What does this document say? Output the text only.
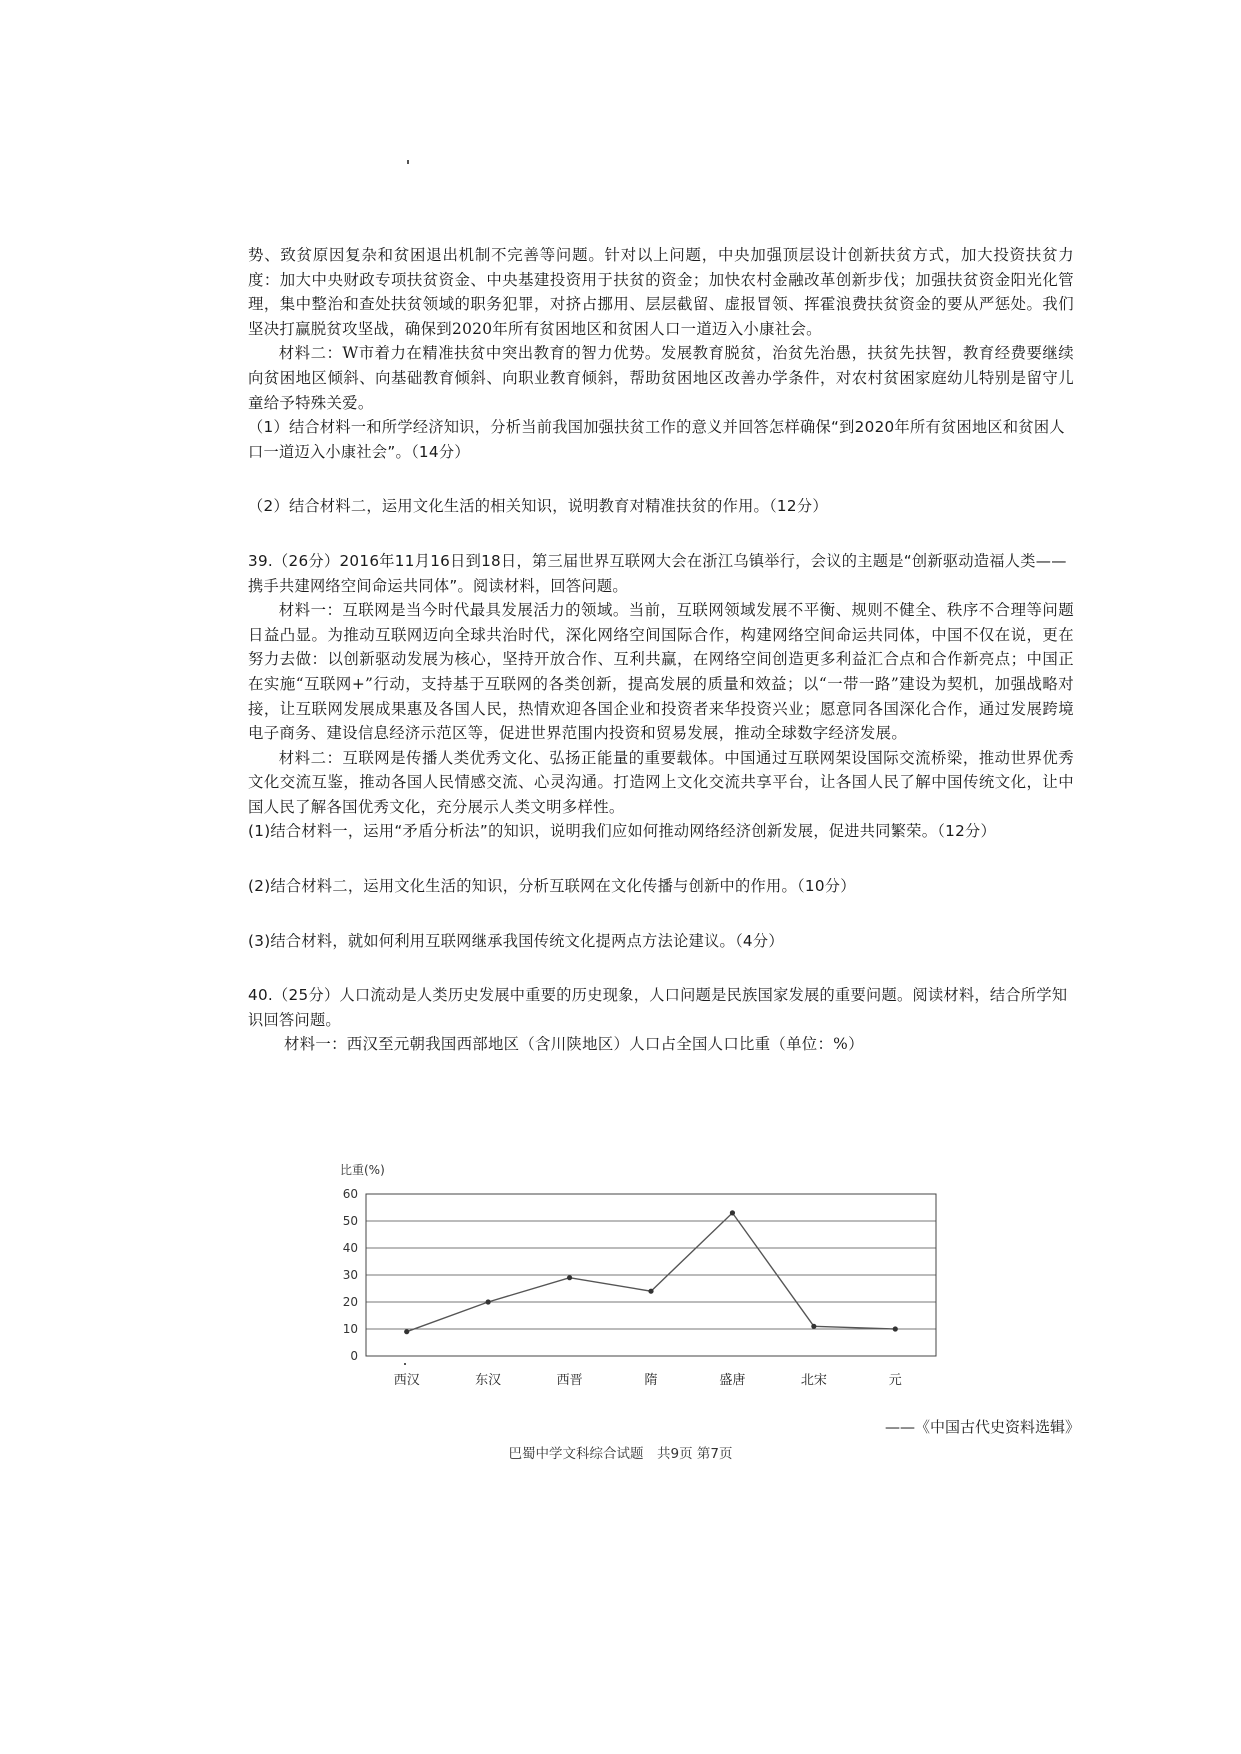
势、致贫原因复杂和贫困退出机制不完善等问题。针对以上问题，中央加强顶层设计创新扶贫方式，加大投资扶贫力度：加大中央财政专项扶贫资金、中央基建投资用于扶贫的资金；加快农村金融改革创新步伐；加强扶贫资金阳光化管理，集中整治和查处扶贫领域的职务犯罪，对挤占挪用、层层截留、虚报冒领、挥霍浪费扶贫资金的要从严惩处。我们坚决打赢脱贫攻坚战，确保到2020年所有贫困地区和贫困人口一道迈入小康社会。

材料二：W市着力在精准扶贫中突出教育的智力优势。发展教育脱贫，治贫先治愚，扶贫先扶智，教育经费要继续向贫困地区倾斜、向基础教育倾斜、向职业教育倾斜，帮助贫困地区改善办学条件，对农村贫困家庭幼儿特别是留守儿童给予特殊关爱。

（1）结合材料一和所学经济知识，分析当前我国加强扶贫工作的意义并回答怎样确保“到2020年所有贫困地区和贫困人口一道迈入小康社会”。（14分）

（2）结合材料二，运用文化生活的相关知识，说明教育对精准扶贫的作用。（12分）

39.（26分）2016年11月16日到18日，第三届世界互联网大会在浙江乌镇举行，会议的主题是“创新驱动造福人类——携手共建网络空间命运共同体”。阅读材料，回答问题。

材料一：互联网是当今时代最具发展活力的领域。当前，互联网领域发展不平衡、规则不健全、秩序不合理等问题日益凸显。为推动互联网迈向全球共治时代，深化网络空间国际合作，构建网络空间命运共同体，中国不仅在说，更在努力去做：以创新驱动发展为核心，坚持开放合作、互利共赢，在网络空间创造更多利益汇合点和合作新亮点；中国正在实施“互联网+”行动，支持基于互联网的各类创新，提高发展的质量和效益；以“一带一路”建设为契机，加强战略对接，让互联网发展成果惠及各国人民，热情欢迎各国企业和投资者来华投资兴业；愿意同各国深化合作，通过发展跨境电子商务、建设信息经济示范区等，促进世界范围内投资和贸易发展，推动全球数字经济发展。

材料二：互联网是传播人类优秀文化、弘扬正能量的重要载体。中国通过互联网架设国际交流桥梁，推动世界优秀文化交流互鉴，推动各国人民情感交流、心灵沟通。打造网上文化交流共享平台，让各国人民了解中国传统文化，让中国人民了解各国优秀文化，充分展示人类文明多样性。

(1)结合材料一，运用“矛盾分析法”的知识，说明我们应如何推动网络经济创新发展，促进共同繁荣。（12分）

(2)结合材料二，运用文化生活的知识，分析互联网在文化传播与创新中的作用。（10分）

(3)结合材料，就如何利用互联网继承我国传统文化提两点方法论建议。（4分）

40.（25分）人口流动是人类历史发展中重要的历史现象，人口问题是民族国家发展的重要问题。阅读材料，结合所学知识回答问题。

材料一：西汉至元朝我国西部地区（含川陕地区）人口占全国人口比重（单位：%）

比重(%)
0
10
20
30
40
50
60
西汉	东汉	西晋	隋	盛唐	北宋	元
——《中国古代史资料选辑》
巴蜀中学文科综合试题　共9页 第7页
